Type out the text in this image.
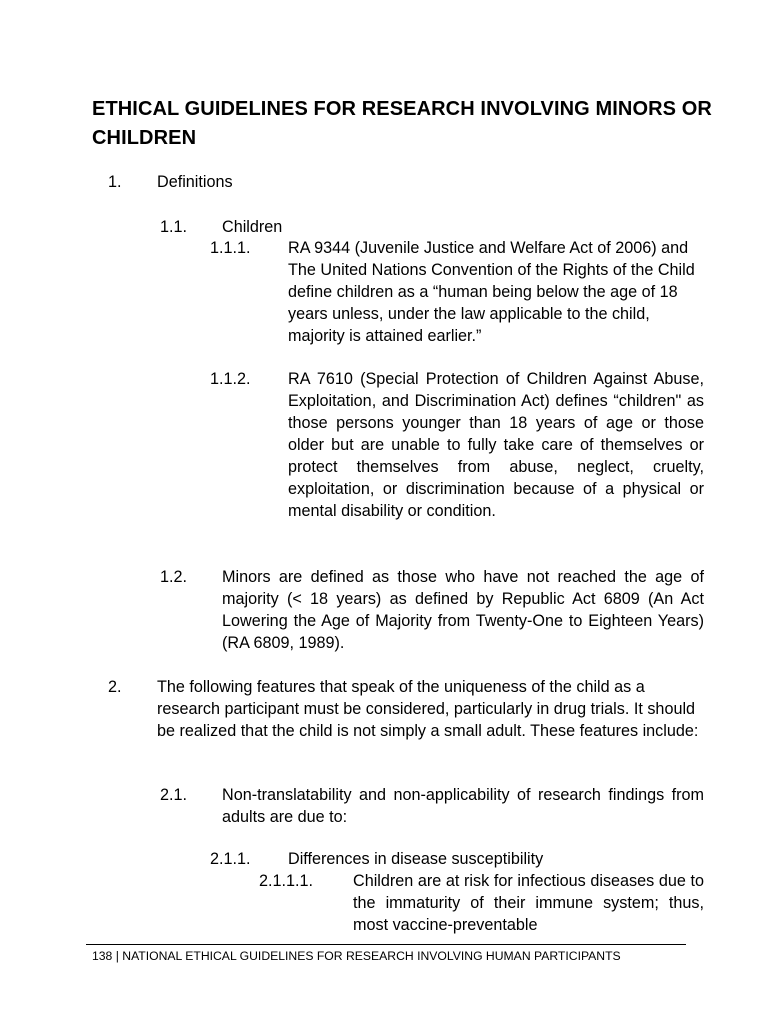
ETHICAL GUIDELINES FOR RESEARCH INVOLVING MINORS OR CHILDREN
1. Definitions
1.1. Children
1.1.1. RA 9344 (Juvenile Justice and Welfare Act of 2006) and The United Nations Convention of the Rights of the Child define children as a “human being below the age of 18 years unless, under the law applicable to the child, majority is attained earlier.”
1.1.2. RA 7610 (Special Protection of Children Against Abuse, Exploitation, and Discrimination Act) defines “children" as those persons younger than 18 years of age or those older but are unable to fully take care of themselves or protect themselves from abuse, neglect, cruelty, exploitation, or discrimination because of a physical or mental disability or condition.
1.2. Minors are defined as those who have not reached the age of majority (< 18 years) as defined by Republic Act 6809 (An Act Lowering the Age of Majority from Twenty-One to Eighteen Years) (RA 6809, 1989).
2. The following features that speak of the uniqueness of the child as a research participant must be considered, particularly in drug trials. It should be realized that the child is not simply a small adult. These features include:
2.1. Non-translatability and non-applicability of research findings from adults are due to:
2.1.1. Differences in disease susceptibility
2.1.1.1. Children are at risk for infectious diseases due to the immaturity of their immune system; thus, most vaccine-preventable
138 | NATIONAL ETHICAL GUIDELINES FOR RESEARCH INVOLVING HUMAN PARTICIPANTS
